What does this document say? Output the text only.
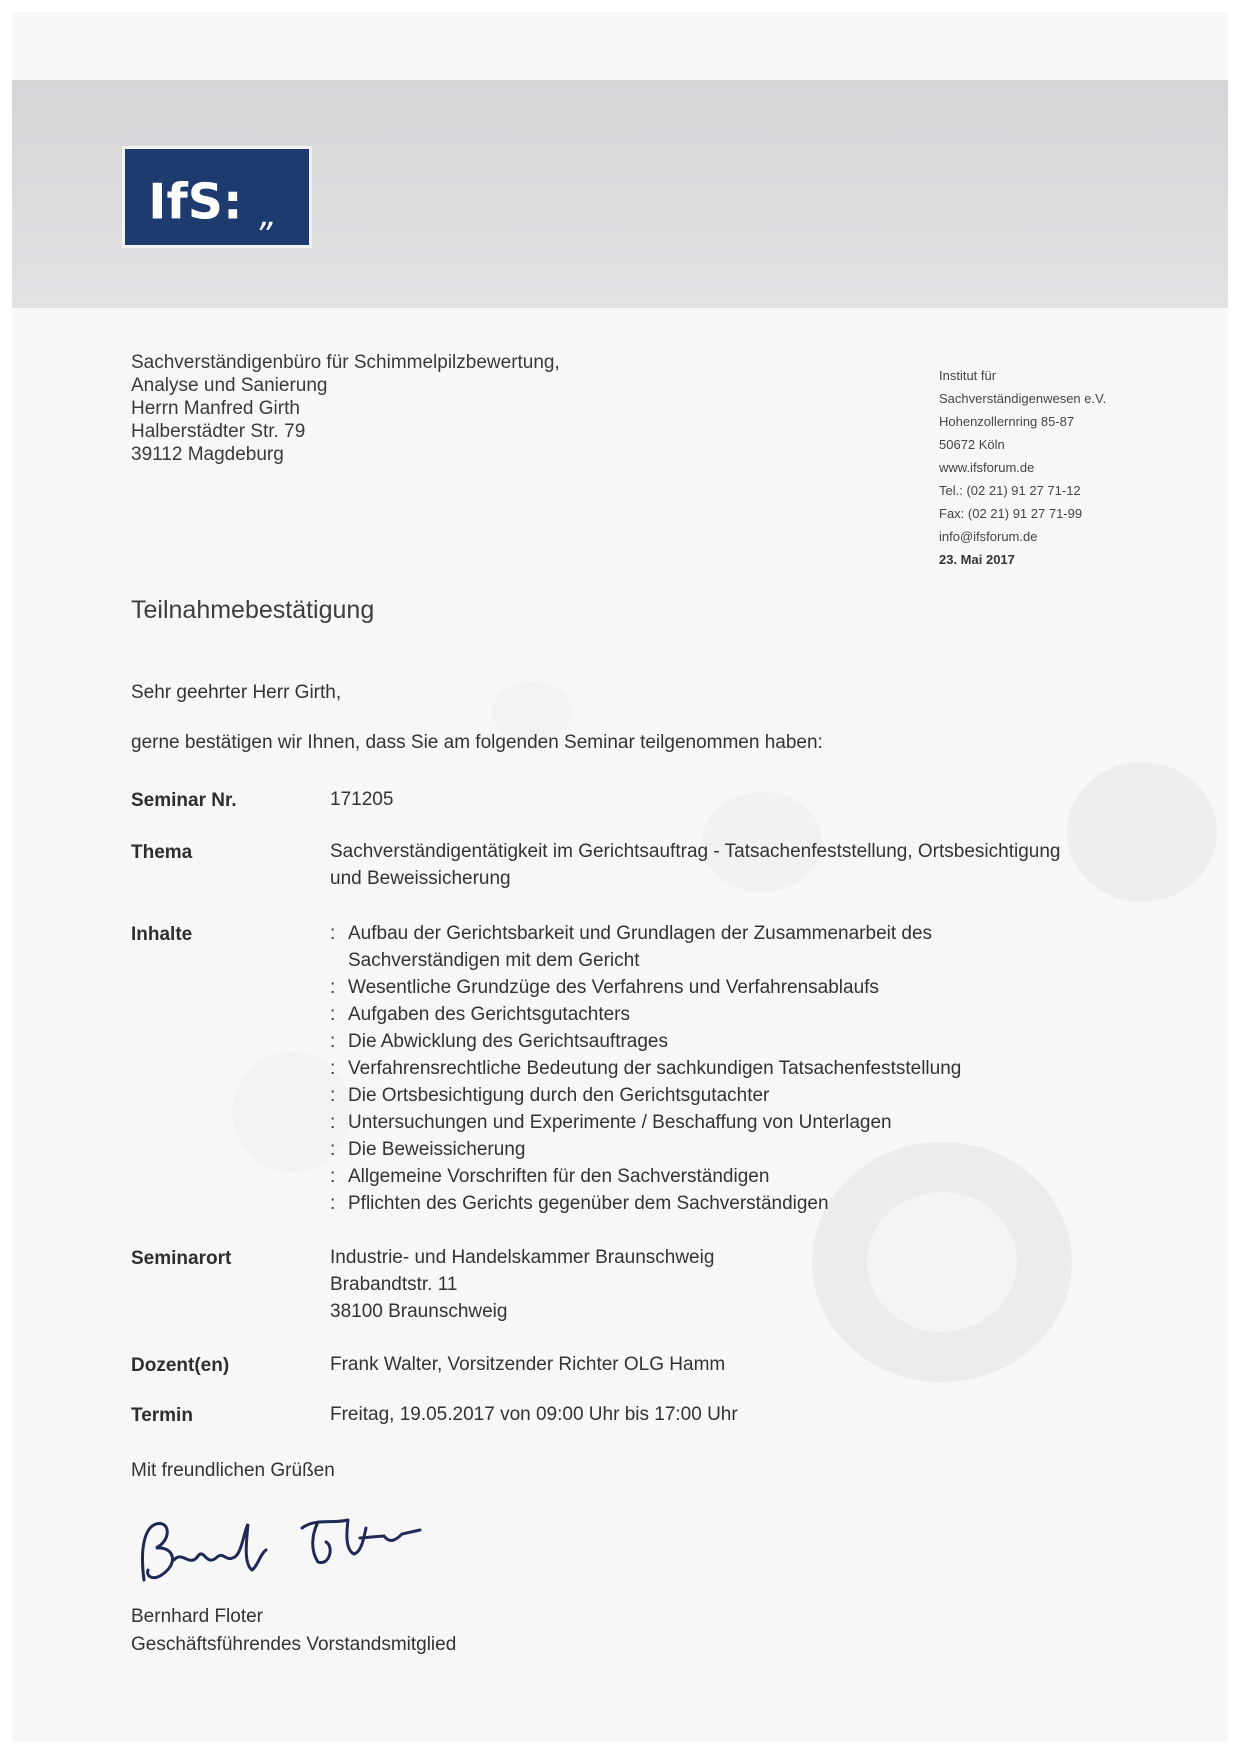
IfS: „
Sachverständigenbüro für Schimmelpilzbewertung,
Analyse und Sanierung
Herrn Manfred Girth
Halberstädter Str. 79
39112 Magdeburg
Institut für
Sachverständigenwesen e.V.
Hohenzollernring 85-87
50672 Köln
www.ifsforum.de
Tel.: (02 21) 91 27 71-12
Fax: (02 21) 91 27 71-99
info@ifsforum.de
23. Mai 2017
Teilnahmebestätigung
Sehr geehrter Herr Girth,
gerne bestätigen wir Ihnen, dass Sie am folgenden Seminar teilgenommen haben:
Seminar Nr.	171205
Thema	Sachverständigentätigkeit im Gerichtsauftrag - Tatsachenfeststellung, Ortsbesichtigung
und Beweissicherung
Inhalte	: Aufbau der Gerichtsbarkeit und Grundlagen der Zusammenarbeit des
Sachverständigen mit dem Gericht
: Wesentliche Grundzüge des Verfahrens und Verfahrensablaufs
: Aufgaben des Gerichtsgutachters
: Die Abwicklung des Gerichtsauftrages
: Verfahrensrechtliche Bedeutung der sachkundigen Tatsachenfeststellung
: Die Ortsbesichtigung durch den Gerichtsgutachter
: Untersuchungen und Experimente / Beschaffung von Unterlagen
: Die Beweissicherung
: Allgemeine Vorschriften für den Sachverständigen
: Pflichten des Gerichts gegenüber dem Sachverständigen
Seminarort	Industrie- und Handelskammer Braunschweig
Brabandtstr. 11
38100 Braunschweig
Dozent(en)	Frank Walter, Vorsitzender Richter OLG Hamm
Termin	Freitag, 19.05.2017 von 09:00 Uhr bis 17:00 Uhr
Mit freundlichen Grüßen
Bernhard Floter
Geschäftsführendes Vorstandsmitglied
